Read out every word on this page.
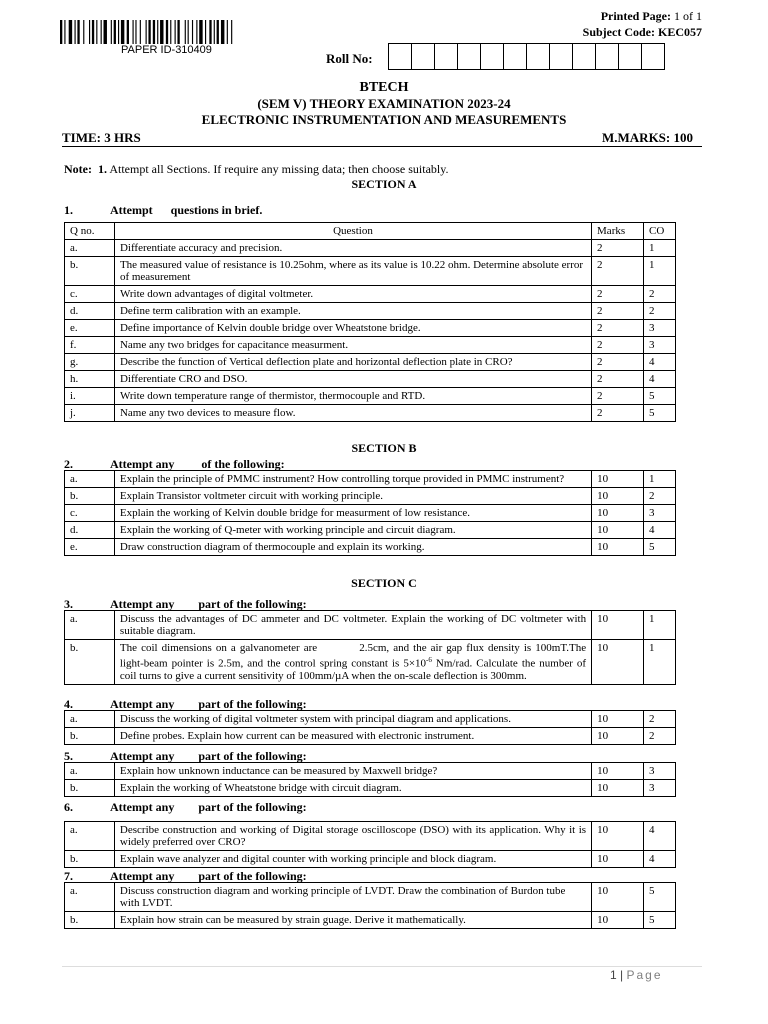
PAPER ID-310409
Printed Page: 1 of 1
Subject Code: KEC057
Roll No:
BTECH
(SEM V) THEORY EXAMINATION 2023-24
ELECTRONIC INSTRUMENTATION AND MEASUREMENTS
TIME: 3 HRS	M.MARKS: 100
Note: 1. Attempt all Sections. If require any missing data; then choose suitably.
SECTION A
1.	Attempt      questions in brief.
Q no.	Question	Marks	CO
a.	Differentiate accuracy and precision.	2	1
b.	The measured value of resistance is 10.25ohm, where as its value is 10.22 ohm. Determine absolute error of measurement	2	1
c.	Write down advantages of digital voltmeter.	2	2
d.	Define term calibration with an example.	2	2
e.	Define importance of Kelvin double bridge over Wheatstone bridge.	2	3
f.	Name any two bridges for capacitance measurment.	2	3
g.	Describe the function of Vertical deflection plate and horizontal deflection plate in CRO?	2	4
h.	Differentiate CRO and DSO.	2	4
i.	Write down temperature range of thermistor, thermocouple and RTD.	2	5
j.	Name any two devices to measure flow.	2	5
SECTION B
2.	Attempt any         of the following:
a.	Explain the principle of PMMC instrument? How controlling torque provided in PMMC instrument?	10	1
b.	Explain Transistor voltmeter circuit with working principle.	10	2
c.	Explain the working of Kelvin double bridge for measurment of low resistance.	10	3
d.	Explain the working of Q-meter with working principle and circuit diagram.	10	4
e.	Draw construction diagram of thermocouple and explain its working.	10	5
SECTION C
3.	Attempt any        part of the following:
a.	Discuss the advantages of DC ammeter and DC voltmeter. Explain the working of DC voltmeter with suitable diagram.	10	1
b.	The coil dimensions on a galvanometer are 2.5cm, and the air gap flux density is 100mT.The light-beam pointer is 2.5m, and the control spring constant is $5\times 10^{-6}$ Nm/rad. Calculate the number of coil turns to give a current sensitivity of 100mm/µA when the on-scale deflection is 300mm.	10	1
4.	Attempt any        part of the following:
a.	Discuss the working of digital voltmeter system with principal diagram and applications.	10	2
b.	Define probes. Explain how current can be measured with electronic instrument.	10	2
5.	Attempt any        part of the following:
a.	Explain how unknown inductance can be measured by Maxwell bridge?	10	3
b.	Explain the working of Wheatstone bridge with circuit diagram.	10	3
6.	Attempt any        part of the following:
a.	Describe construction and working of Digital storage oscilloscope (DSO) with its application. Why it is widely preferred over CRO?	10	4
b.	Explain wave analyzer and digital counter with working principle and block diagram.	10	4
7.	Attempt any        part of the following:
a.	Discuss construction diagram and working principle of LVDT. Draw the combination of Burdon tube with LVDT.	10	5
b.	Explain how strain can be measured by strain guage. Derive it mathematically.	10	5
1 | Page
